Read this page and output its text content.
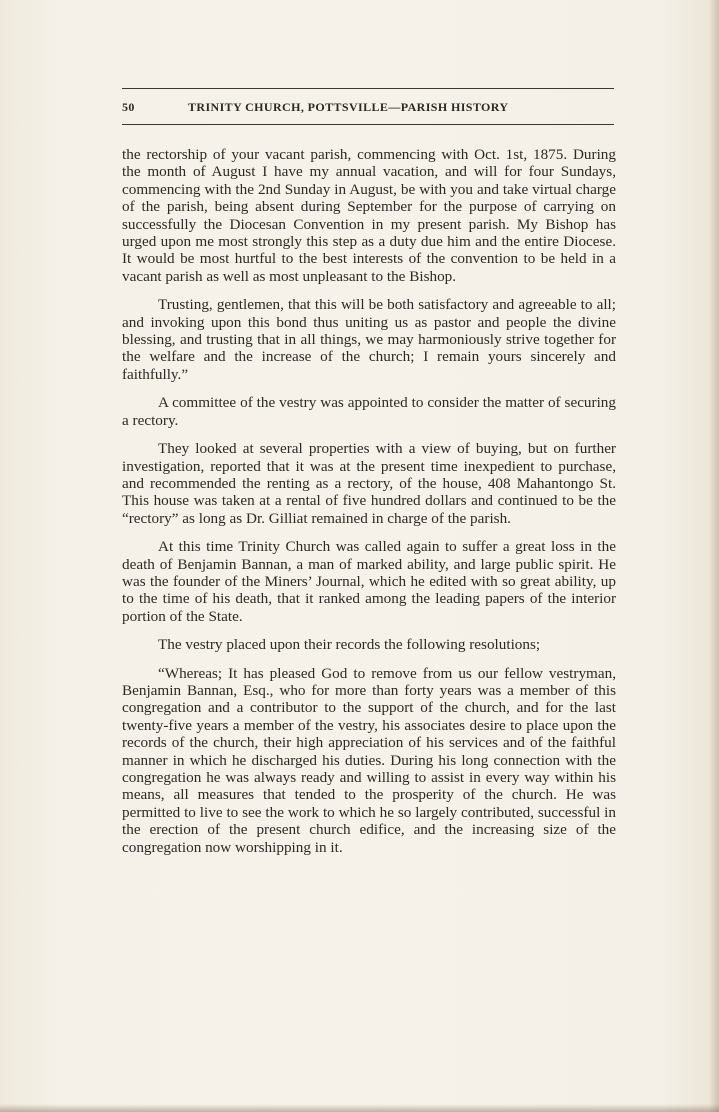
50	TRINITY CHURCH, POTTSVILLE—PARISH HISTORY

the rectorship of your vacant parish, commencing with Oct. 1st, 1875. During the month of August I have my annual vacation, and will for four Sundays, commencing with the 2nd Sunday in August, be with you and take virtual charge of the parish, being absent during September for the purpose of carrying on successfully the Diocesan Convention in my present parish. My Bishop has urged upon me most strongly this step as a duty due him and the entire Diocese. It would be most hurtful to the best interests of the convention to be held in a vacant parish as well as most unpleasant to the Bishop.

Trusting, gentlemen, that this will be both satisfactory and agreeable to all; and invoking upon this bond thus uniting us as pastor and people the divine blessing, and trusting that in all things, we may harmoniously strive together for the welfare and the increase of the church; I remain yours sincerely and faithfully.”

A committee of the vestry was appointed to consider the matter of securing a rectory.

They looked at several properties with a view of buying, but on further investigation, reported that it was at the present time inexpedient to purchase, and recommended the renting as a rectory, of the house, 408 Mahantongo St. This house was taken at a rental of five hundred dollars and continued to be the “rectory” as long as Dr. Gilliat remained in charge of the parish.

At this time Trinity Church was called again to suffer a great loss in the death of Benjamin Bannan, a man of marked ability, and large public spirit. He was the founder of the Miners’ Journal, which he edited with so great ability, up to the time of his death, that it ranked among the leading papers of the interior portion of the State.

The vestry placed upon their records the following resolutions;

“Whereas; It has pleased God to remove from us our fellow vestryman, Benjamin Bannan, Esq., who for more than forty years was a member of this congregation and a contributor to the support of the church, and for the last twenty-five years a member of the vestry, his associates desire to place upon the records of the church, their high appreciation of his services and of the faithful manner in which he discharged his duties. During his long connection with the congregation he was always ready and willing to assist in every way within his means, all measures that tended to the prosperity of the church. He was permitted to live to see the work to which he so largely contributed, successful in the erection of the present church edifice, and the increasing size of the congregation now worshipping in it.
